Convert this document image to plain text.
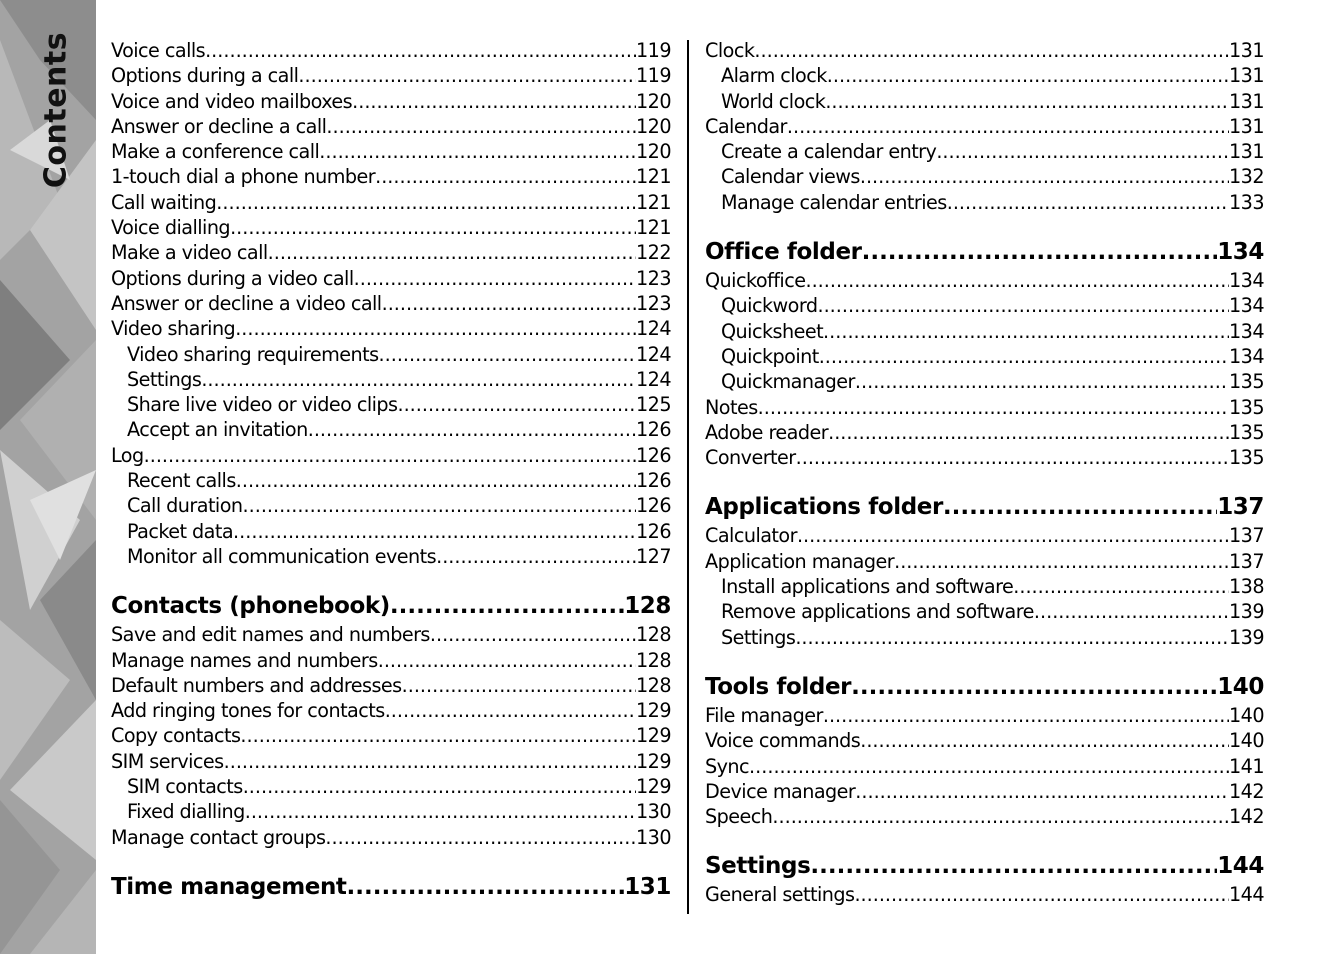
Contents Voice calls .....	119
Options during a call .....	119
Voice and video mailboxes .....	120
Answer or decline a call .....	120
Make a conference call .....	120
1-touch dial a phone number .....	121
Call waiting .....	121
Voice dialling .....	121
Make a video call .....	122
Options during a video call .....	123
Answer or decline a video call .....	123
Video sharing .....	124
Video sharing requirements .....	124
Settings .....	124
Share live video or video clips .....	125
Accept an invitation .....	126
Log .....	126
Recent calls .....	126
Call duration .....	126
Packet data .....	126
Monitor all communication events .....	127
Contacts (phonebook) .....	128
Save and edit names and numbers .....	128
Manage names and numbers .....	128
Default numbers and addresses .....	128
Add ringing tones for contacts .....	129
Copy contacts .....	129
SIM services .....	129
SIM contacts .....	129
Fixed dialling .....	130
Manage contact groups .....	130
Time management .....	131
Clock .....	131
Alarm clock .....	131
World clock .....	131
Calendar .....	131
Create a calendar entry .....	131
Calendar views .....	132
Manage calendar entries .....	133
Office folder .....	134
Quickoffice .....	134
Quickword .....	134
Quicksheet .....	134
Quickpoint .....	134
Quickmanager .....	135
Notes .....	135
Adobe reader .....	135
Converter .....	135
Applications folder .....	137
Calculator .....	137
Application manager .....	137
Install applications and software .....	138
Remove applications and software .....	139
Settings .....	139
Tools folder .....	140
File manager .....	140
Voice commands .....	140
Sync .....	141
Device manager .....	142
Speech .....	142
Settings .....	144
General settings .....	144
